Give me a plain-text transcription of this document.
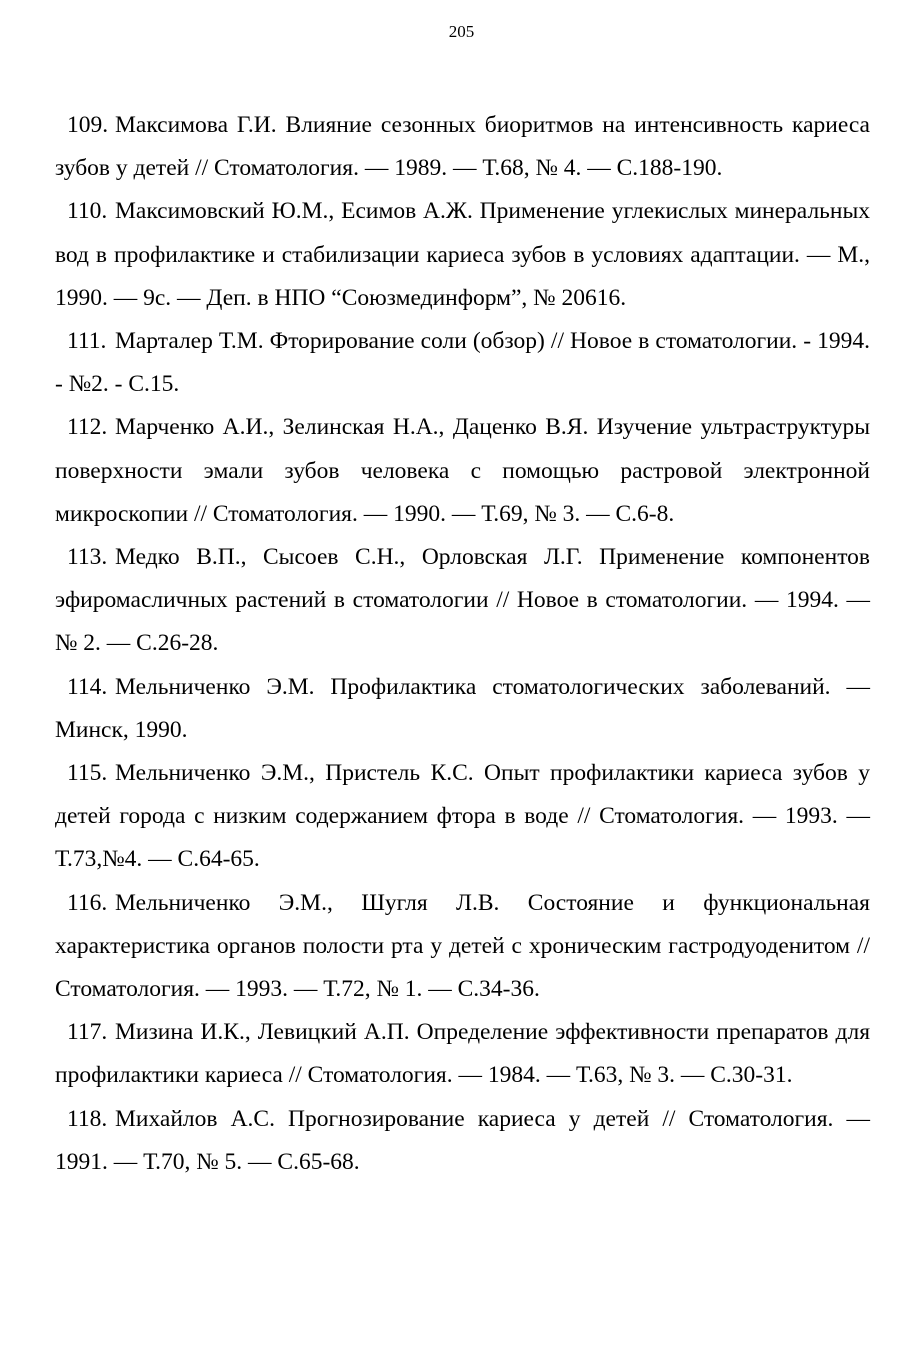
205

109. Максимова Г.И. Влияние сезонных биоритмов на интенсивность кариеса зубов у детей // Стоматология. — 1989. — Т.68, № 4. — С.188-190.

110. Максимовский Ю.М., Есимов А.Ж. Применение углекислых минеральных вод в профилактике и стабилизации кариеса зубов в условиях адаптации. — М., 1990. — 9с. — Деп. в НПО “Союзмединформ”, № 20616.

111. Марталер Т.М. Фторирование соли (обзор) // Новое в стоматологии. - 1994. - №2. - С.15.

112. Марченко А.И., Зелинская Н.А., Даценко В.Я. Изучение ультраструктуры поверхности эмали зубов человека с помощью растровой электронной микроскопии // Стоматология. — 1990. — Т.69, № 3. — С.6-8.

113. Медко В.П., Сысоев С.Н., Орловская Л.Г. Применение компонентов эфиромасличных растений в стоматологии // Новое в стоматологии. — 1994. — № 2. — С.26-28.

114. Мельниченко Э.М. Профилактика стоматологических заболеваний. — Минск, 1990.

115. Мельниченко Э.М., Пристель К.С. Опыт профилактики кариеса зубов у детей города с низким содержанием фтора в воде // Стоматология. — 1993. — Т.73,№4. — С.64-65.

116. Мельниченко Э.М., Шугля Л.В. Состояние и функциональная характеристика органов полости рта у детей с хроническим гастродуоденитом // Стоматология. — 1993. — Т.72, № 1. — С.34-36.

117. Мизина И.К., Левицкий А.П. Определение эффективности препаратов для профилактики кариеса // Стоматология. — 1984. — Т.63, № 3. — С.30-31.

118. Михайлов А.С. Прогнозирование кариеса у детей // Стоматология. — 1991. — Т.70, № 5. — С.65-68.
